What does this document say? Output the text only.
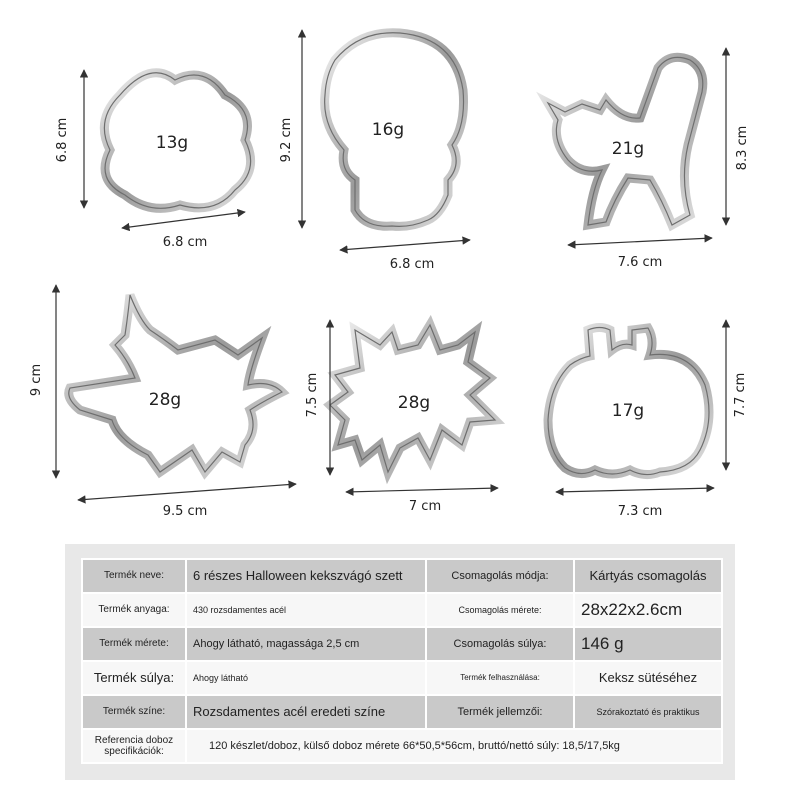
13g
6.8 cm
6.8 cm	16g
6.8 cm
9.2 cm	21g
7.6 cm
8.3 cm
28g
9.5 cm
9 cm
28g
7 cm
7.5 cm	17g
7.3 cm
7.7 cm
Termék neve:	6 részes Halloween kekszvágó szett	Csomagolás módja:	Kártyás csomagolás
Termék anyaga:	430 rozsdamentes acél	Csomagolás mérete:	28x22x2.6cm
Termék mérete:	Ahogy látható, magassága 2,5 cm	Csomagolás súlya:	146 g
Termék súlya:	Ahogy látható	Termék felhasználása:	Keksz sütéséhez
Termék színe:	Rozsdamentes acél eredeti színe	Termék jellemzői:	Szórakoztató és praktikus
Referencia doboz specifikációk:	120 készlet/doboz, külső doboz mérete 66*50,5*56cm, bruttó/nettó súly: 18,5/17,5kg		
